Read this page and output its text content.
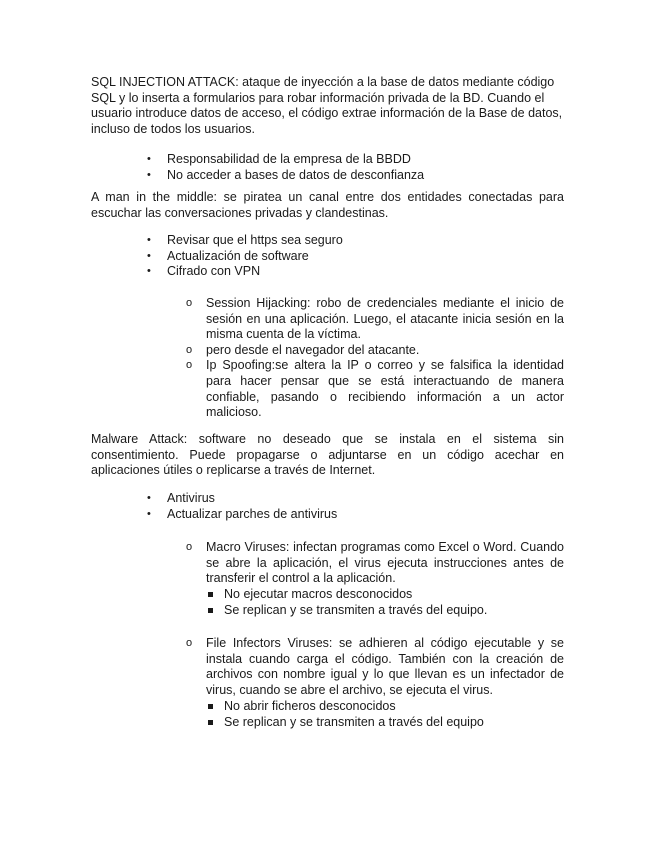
SQL INJECTION ATTACK: ataque de inyección a la base de datos mediante código SQL y lo inserta a formularios para robar información privada de la BD. Cuando el usuario introduce datos de acceso, el código extrae información de la Base de datos, incluso de todos los usuarios.

• Responsabilidad de la empresa de la BBDD
• No acceder a bases de datos de desconfianza

A man in the middle: se piratea un canal entre dos entidades conectadas para escuchar las conversaciones privadas y clandestinas.

• Revisar que el https sea seguro
• Actualización de software
• Cifrado con VPN
o Session Hijacking: robo de credenciales mediante el inicio de sesión en una aplicación. Luego, el atacante inicia sesión en la misma cuenta de la víctima.
o pero desde el navegador del atacante.
o Ip Spoofing:se altera la IP o correo y se falsifica la identidad para hacer pensar que se está interactuando de manera confiable, pasando o recibiendo información a un actor malicioso.

Malware Attack: software no deseado que se instala en el sistema sin consentimiento. Puede propagarse o adjuntarse en un código acechar en aplicaciones útiles o replicarse a través de Internet.

• Antivirus
• Actualizar parches de antivirus
o Macro Viruses: infectan programas como Excel o Word. Cuando se abre la aplicación, el virus ejecuta instrucciones antes de transferir el control a la aplicación.
No ejecutar macros desconocidos
Se replican y se transmiten a través del equipo.
o File Infectors Viruses: se adhieren al código ejecutable y se instala cuando carga el código. También con la creación de archivos con nombre igual y lo que llevan es un infectador de virus, cuando se abre el archivo, se ejecuta el virus.
No abrir ficheros desconocidos
Se replican y se transmiten a través del equipo
